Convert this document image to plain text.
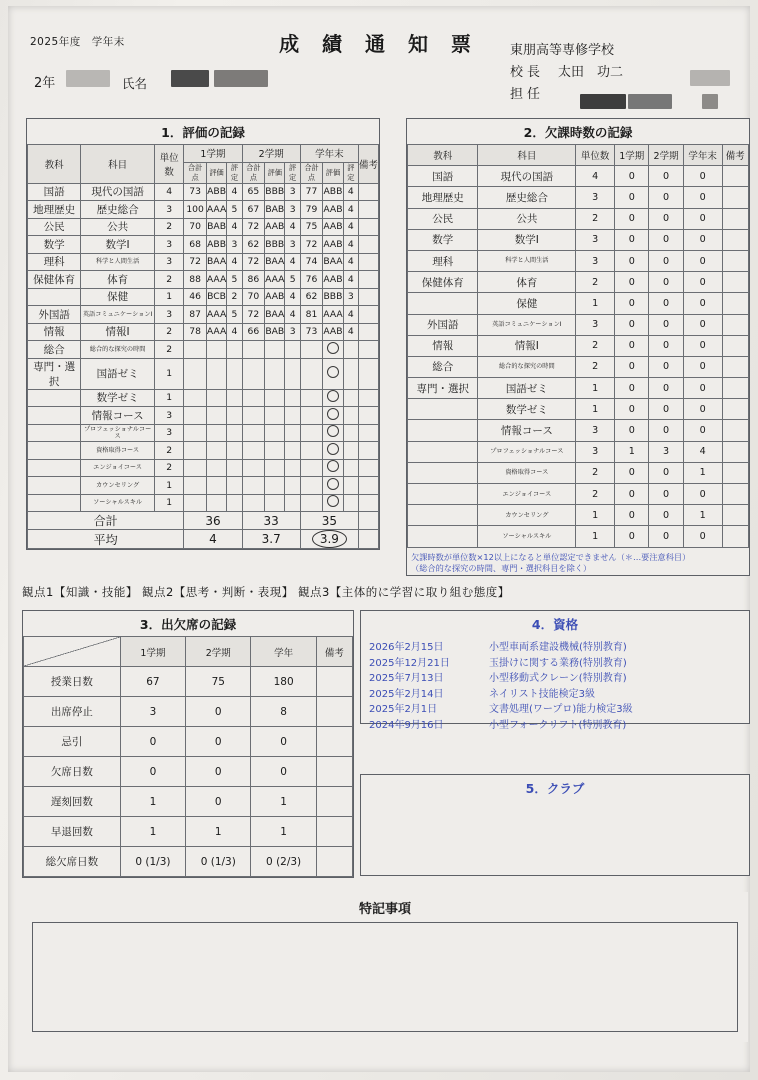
2025年度　学年末	成 績 通 知 票
2年	氏名
東朋高等専修学校
校長	太田　功二
担任
1．評価の記録
教科	科目	単位数	1学期			2学期			学年末			備考
			合計点	評価	評定	合計点	評価	評定	合計点	評価	評定	
国語	現代の国語	4	73	ABB	4	65	BBB	3	77	ABB	4	
地理歴史	歴史総合	3	100	AAA	5	67	BAB	3	79	AAB	4	
公民	公共	2	70	BAB	4	72	AAB	4	75	AAB	4	
数学	数学Ⅰ	3	68	ABB	3	62	BBB	3	72	AAB	4	
理科	科学と人間生活	3	72	BAA	4	72	BAA	4	74	BAA	4	
保健体育	体育	2	88	AAA	5	86	AAA	5	76	AAB	4	
	保健	1	46	BCB	2	70	AAB	4	62	BBB	3	
外国語	英語コミュニケーションⅠ	3	87	AAA	5	72	BAA	4	81	AAA	4	
情報	情報Ⅰ	2	78	AAA	4	66	BAB	3	73	AAB	4	
総合	総合的な探究の時間	2										
専門・選択	国語ゼミ	1										
	数学ゼミ	1										
	情報コース	3										
	プロフェッショナルコース	3										
	資格取得コース	2										
	エンジョイコース	2										
	カウンセリング	1										
	ソーシャルスキル	1										
合計			36			33			35			
平均			4			3.7			3.9			
2．欠課時数の記録
教科	科目	単位数	1学期	2学期	学年末	備考
国語	現代の国語	4	0	0	0	
地理歴史	歴史総合	3	0	0	0	
公民	公共	2	0	0	0	
数学	数学Ⅰ	3	0	0	0	
理科	科学と人間生活	3	0	0	0	
保健体育	体育	2	0	0	0	
	保健	1	0	0	0	
外国語	英語コミュニケーションⅠ	3	0	0	0	
情報	情報Ⅰ	2	0	0	0	
総合	総合的な探究の時間	2	0	0	0	
専門・選択	国語ゼミ	1	0	0	0	
	数学ゼミ	1	0	0	0	
	情報コース	3	0	0	0	
	プロフェッショナルコース	3	1	3	4	
	資格取得コース	2	0	0	1	
	エンジョイコース	2	0	0	0	
	カウンセリング	1	0	0	1	
	ソーシャルスキル	1	0	0	0	
欠課時数が単位数×12以上になると単位認定できません（＊…要注意科目）
（総合的な探究の時間、専門・選択科目を除く）
観点1【知識・技能】 観点2【思考・判断・表現】 観点3【主体的に学習に取り組む態度】
3．出欠席の記録
	1学期	2学期	学年	備考
授業日数	67	75	180	
出席停止	3	0	8	
忌引	0	0	0	
欠席日数	0	0	0	
遅刻回数	1	0	1	
早退回数	1	1	1	
総欠席日数	0 (1/3)	0 (1/3)	0 (2/3)	
4．資格
2026年2月15日	小型車両系建設機械(特別教育)
2025年12月21日	玉掛けに関する業務(特別教育)
2025年7月13日	小型移動式クレーン(特別教育)
2025年2月14日	ネイリスト技能検定3級
2025年2月1日	文書処理(ワープロ)能力検定3級
2024年9月16日	小型フォークリフト(特別教育)
5．クラブ
特記事項
